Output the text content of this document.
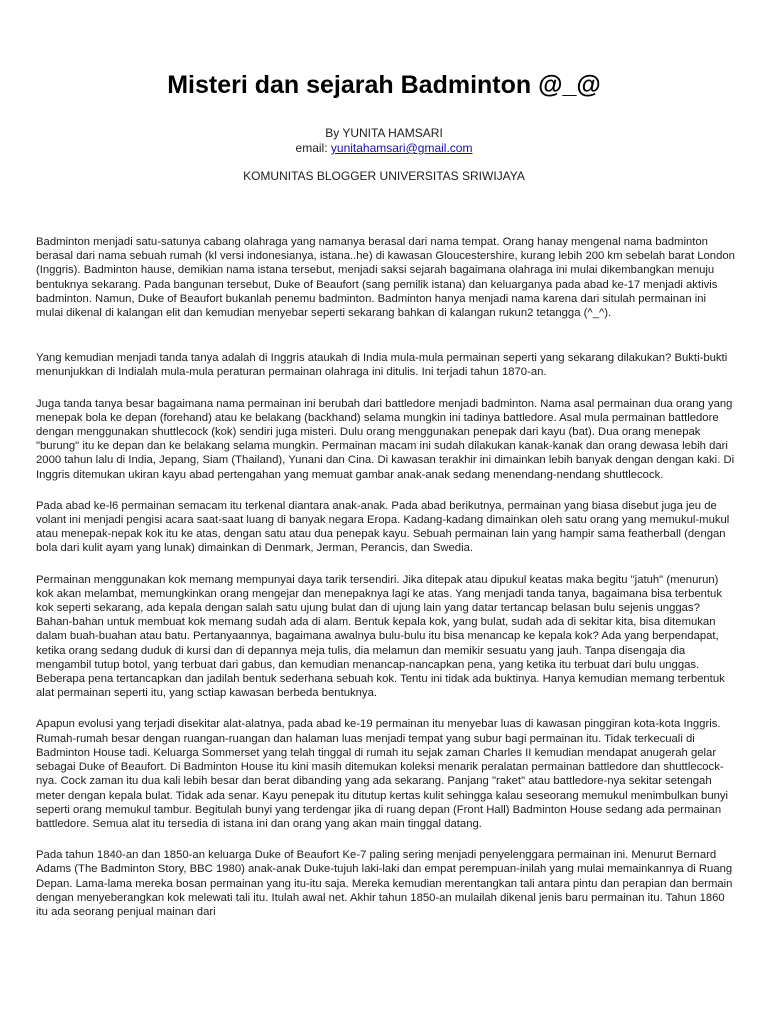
Misteri dan sejarah Badminton @_@
By YUNITA HAMSARI
email: yunitahamsari@gmail.com
KOMUNITAS BLOGGER UNIVERSITAS SRIWIJAYA

Badminton menjadi satu-satunya cabang olahraga yang namanya berasal dari nama tempat. Orang hanay mengenal nama badminton berasal dari nama sebuah rumah (kl versi indonesianya, istana..he) di kawasan Gloucestershire, kurang lebih 200 km sebelah barat London (Inggris). Badminton hause, demikian nama istana tersebut, menjadi saksi sejarah bagaimana olahraga ini mulai dikembangkan menuju bentuknya sekarang. Pada bangunan tersebut, Duke of Beaufort (sang pemilik istana) dan keluarganya pada abad ke-17 menjadi aktivis badminton. Namun, Duke of Beaufort bukanlah penemu badminton. Badminton hanya menjadi nama karena dari situlah permainan ini mulai dikenal di kalangan elit dan kemudian menyebar seperti sekarang bahkan di kalangan rukun2 tetangga (^_^).

Yang kemudian menjadi tanda tanya adalah di Inggris ataukah di India mula-mula permainan seperti yang sekarang dilakukan? Bukti-bukti menunjukkan di Indialah mula-mula peraturan permainan olahraga ini ditulis. Ini terjadi tahun 1870-an.

Juga tanda tanya besar bagaimana nama permainan ini berubah dari battledore menjadi badminton. Nama asal permainan dua orang yang menepak bola ke depan (forehand) atau ke belakang (backhand) selama mungkin ini tadinya battledore. Asal mula permainan battledore dengan menggunakan shuttlecock (kok) sendiri juga misteri. Dulu orang menggunakan penepak dari kayu (bat). Dua orang menepak "burung" itu ke depan dan ke belakang selama mungkin. Permainan macam ini sudah dilakukan kanak-kanak dan orang dewasa lebih dari 2000 tahun lalu di India, Jepang, Siam (Thailand), Yunani dan Cina. Di kawasan terakhir ini dimainkan lebih banyak dengan dengan kaki. Di Inggris ditemukan ukiran kayu abad pertengahan yang memuat gambar anak-anak sedang menendang-nendang shuttlecock.

Pada abad ke-l6 permainan semacam itu terkenal diantara anak-anak. Pada abad berikutnya, permainan yang biasa disebut juga jeu de volant ini menjadi pengisi acara saat-saat luang di banyak negara Eropa. Kadang-kadang dimainkan oleh satu orang yang memukul-mukul atau menepak-nepak kok itu ke atas, dengan satu atau dua penepak kayu. Sebuah permainan lain yang hampir sama featherball (dengan bola dari kulit ayam yang lunak) dimainkan di Denmark, Jerman, Perancis, dan Swedia.

Permainan menggunakan kok memang mempunyai daya tarik tersendiri. Jika ditepak atau dipukul keatas maka begitu "jatuh" (menurun) kok akan melambat, memungkinkan orang mengejar dan menepaknya lagi ke atas. Yang menjadi tanda tanya, bagaimana bisa terbentuk kok seperti sekarang, ada kepala dengan salah satu ujung bulat dan di ujung lain yang datar tertancap belasan bulu sejenis unggas? Bahan-bahan untuk membuat kok memang sudah ada di alam. Bentuk kepala kok, yang bulat, sudah ada di sekitar kita, bisa ditemukan dalam buah-buahan atau batu. Pertanyaannya, bagaimana awalnya bulu-bulu itu bisa menancap ke kepala kok? Ada yang berpendapat, ketika orang sedang duduk di kursi dan di depannya meja tulis, dia melamun dan memikir sesuatu yang jauh. Tanpa disengaja dia mengambil tutup botol, yang terbuat dari gabus, dan kemudian menancap-nancapkan pena, yang ketika itu terbuat dari bulu unggas. Beberapa pena tertancapkan dan jadilah bentuk sederhana sebuah kok. Tentu ini tidak ada buktinya. Hanya kemudian memang terbentuk alat permainan seperti itu, yang sctiap kawasan berbeda bentuknya.

Apapun evolusi yang terjadi disekitar alat-alatnya, pada abad ke-19 permainan itu menyebar luas di kawasan pinggiran kota-kota Inggris. Rumah-rumah besar dengan ruangan-ruangan dan halaman luas menjadi tempat yang subur bagi permainan itu. Tidak terkecuali di Badminton House tadi. Keluarga Sommerset yang telah tinggal di rumah itu sejak zaman Charles II kemudian mendapat anugerah gelar sebagai Duke of Beaufort. Di Badminton House itu kini masih ditemukan koleksi menarik peralatan permainan battledore dan shuttlecock-nya. Cock zaman itu dua kali lebih besar dan berat dibanding yang ada sekarang. Panjang "raket" atau battledore-nya sekitar setengah meter dengan kepala bulat. Tidak ada senar. Kayu penepak itu ditutup kertas kulit sehingga kalau seseorang memukul menimbulkan bunyi seperti orang memukul tambur. Begitulah bunyi yang terdengar jika di ruang depan (Front Hall) Badminton House sedang ada permainan battledore. Semua alat itu tersedia di istana ini dan orang yang akan main tinggal datang.

Pada tahun 1840-an dan 1850-an keluarga Duke of Beaufort Ke-7 paling sering menjadi penyelenggara permainan ini. Menurut Bernard Adams (The Badminton Story, BBC 1980) anak-anak Duke-tujuh laki-laki dan empat perempuan-inilah yang mulai memainkannya di Ruang Depan. Lama-lama mereka bosan permainan yang itu-itu saja. Mereka kemudian merentangkan tali antara pintu dan perapian dan bermain dengan menyeberangkan kok melewati tali itu. Itulah awal net. Akhir tahun 1850-an mulailah dikenal jenis baru permainan itu. Tahun 1860 itu ada seorang penjual mainan dari
